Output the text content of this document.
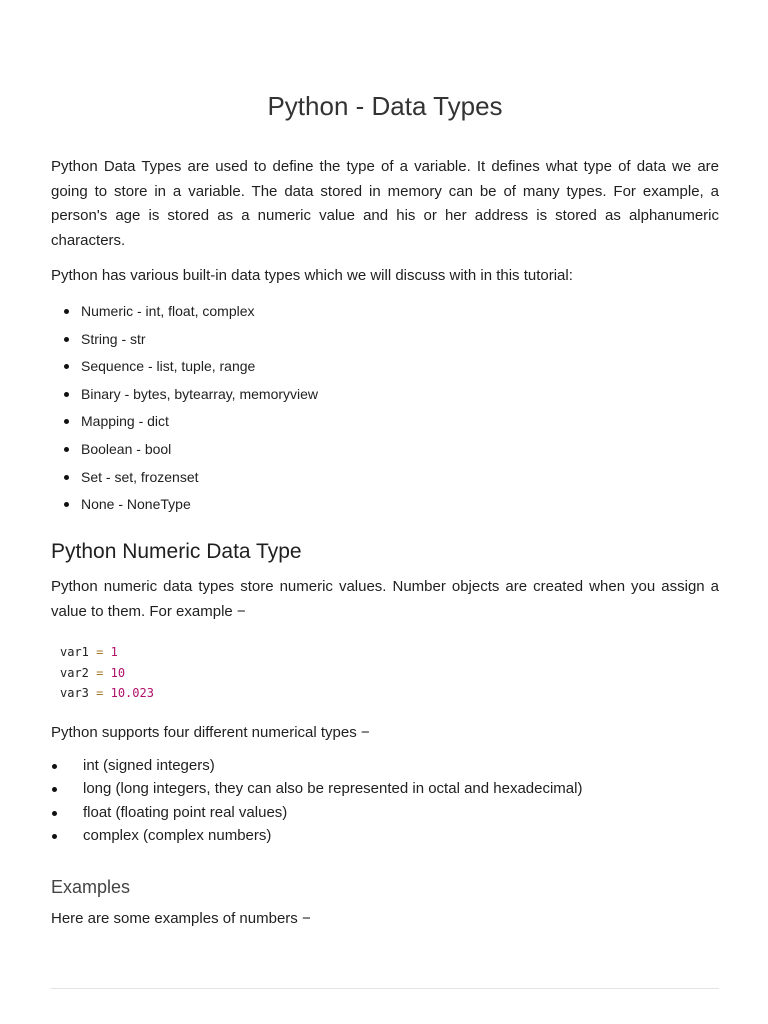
Python - Data Types

Python Data Types are used to define the type of a variable. It defines what type of data we are going to store in a variable. The data stored in memory can be of many types. For example, a person's age is stored as a numeric value and his or her address is stored as alphanumeric characters.

Python has various built-in data types which we will discuss with in this tutorial:

Numeric - int, float, complex
String - str
Sequence - list, tuple, range
Binary - bytes, bytearray, memoryview
Mapping - dict
Boolean - bool
Set - set, frozenset
None - NoneType
Python Numeric Data Type

Python numeric data types store numeric values. Number objects are created when you assign a value to them. For example −

var1 = 1
var2 = 10
var3 = 10.023

Python supports four different numerical types −

int (signed integers)
long (long integers, they can also be represented in octal and hexadecimal)
float (floating point real values)
complex (complex numbers)
Examples

Here are some examples of numbers −
